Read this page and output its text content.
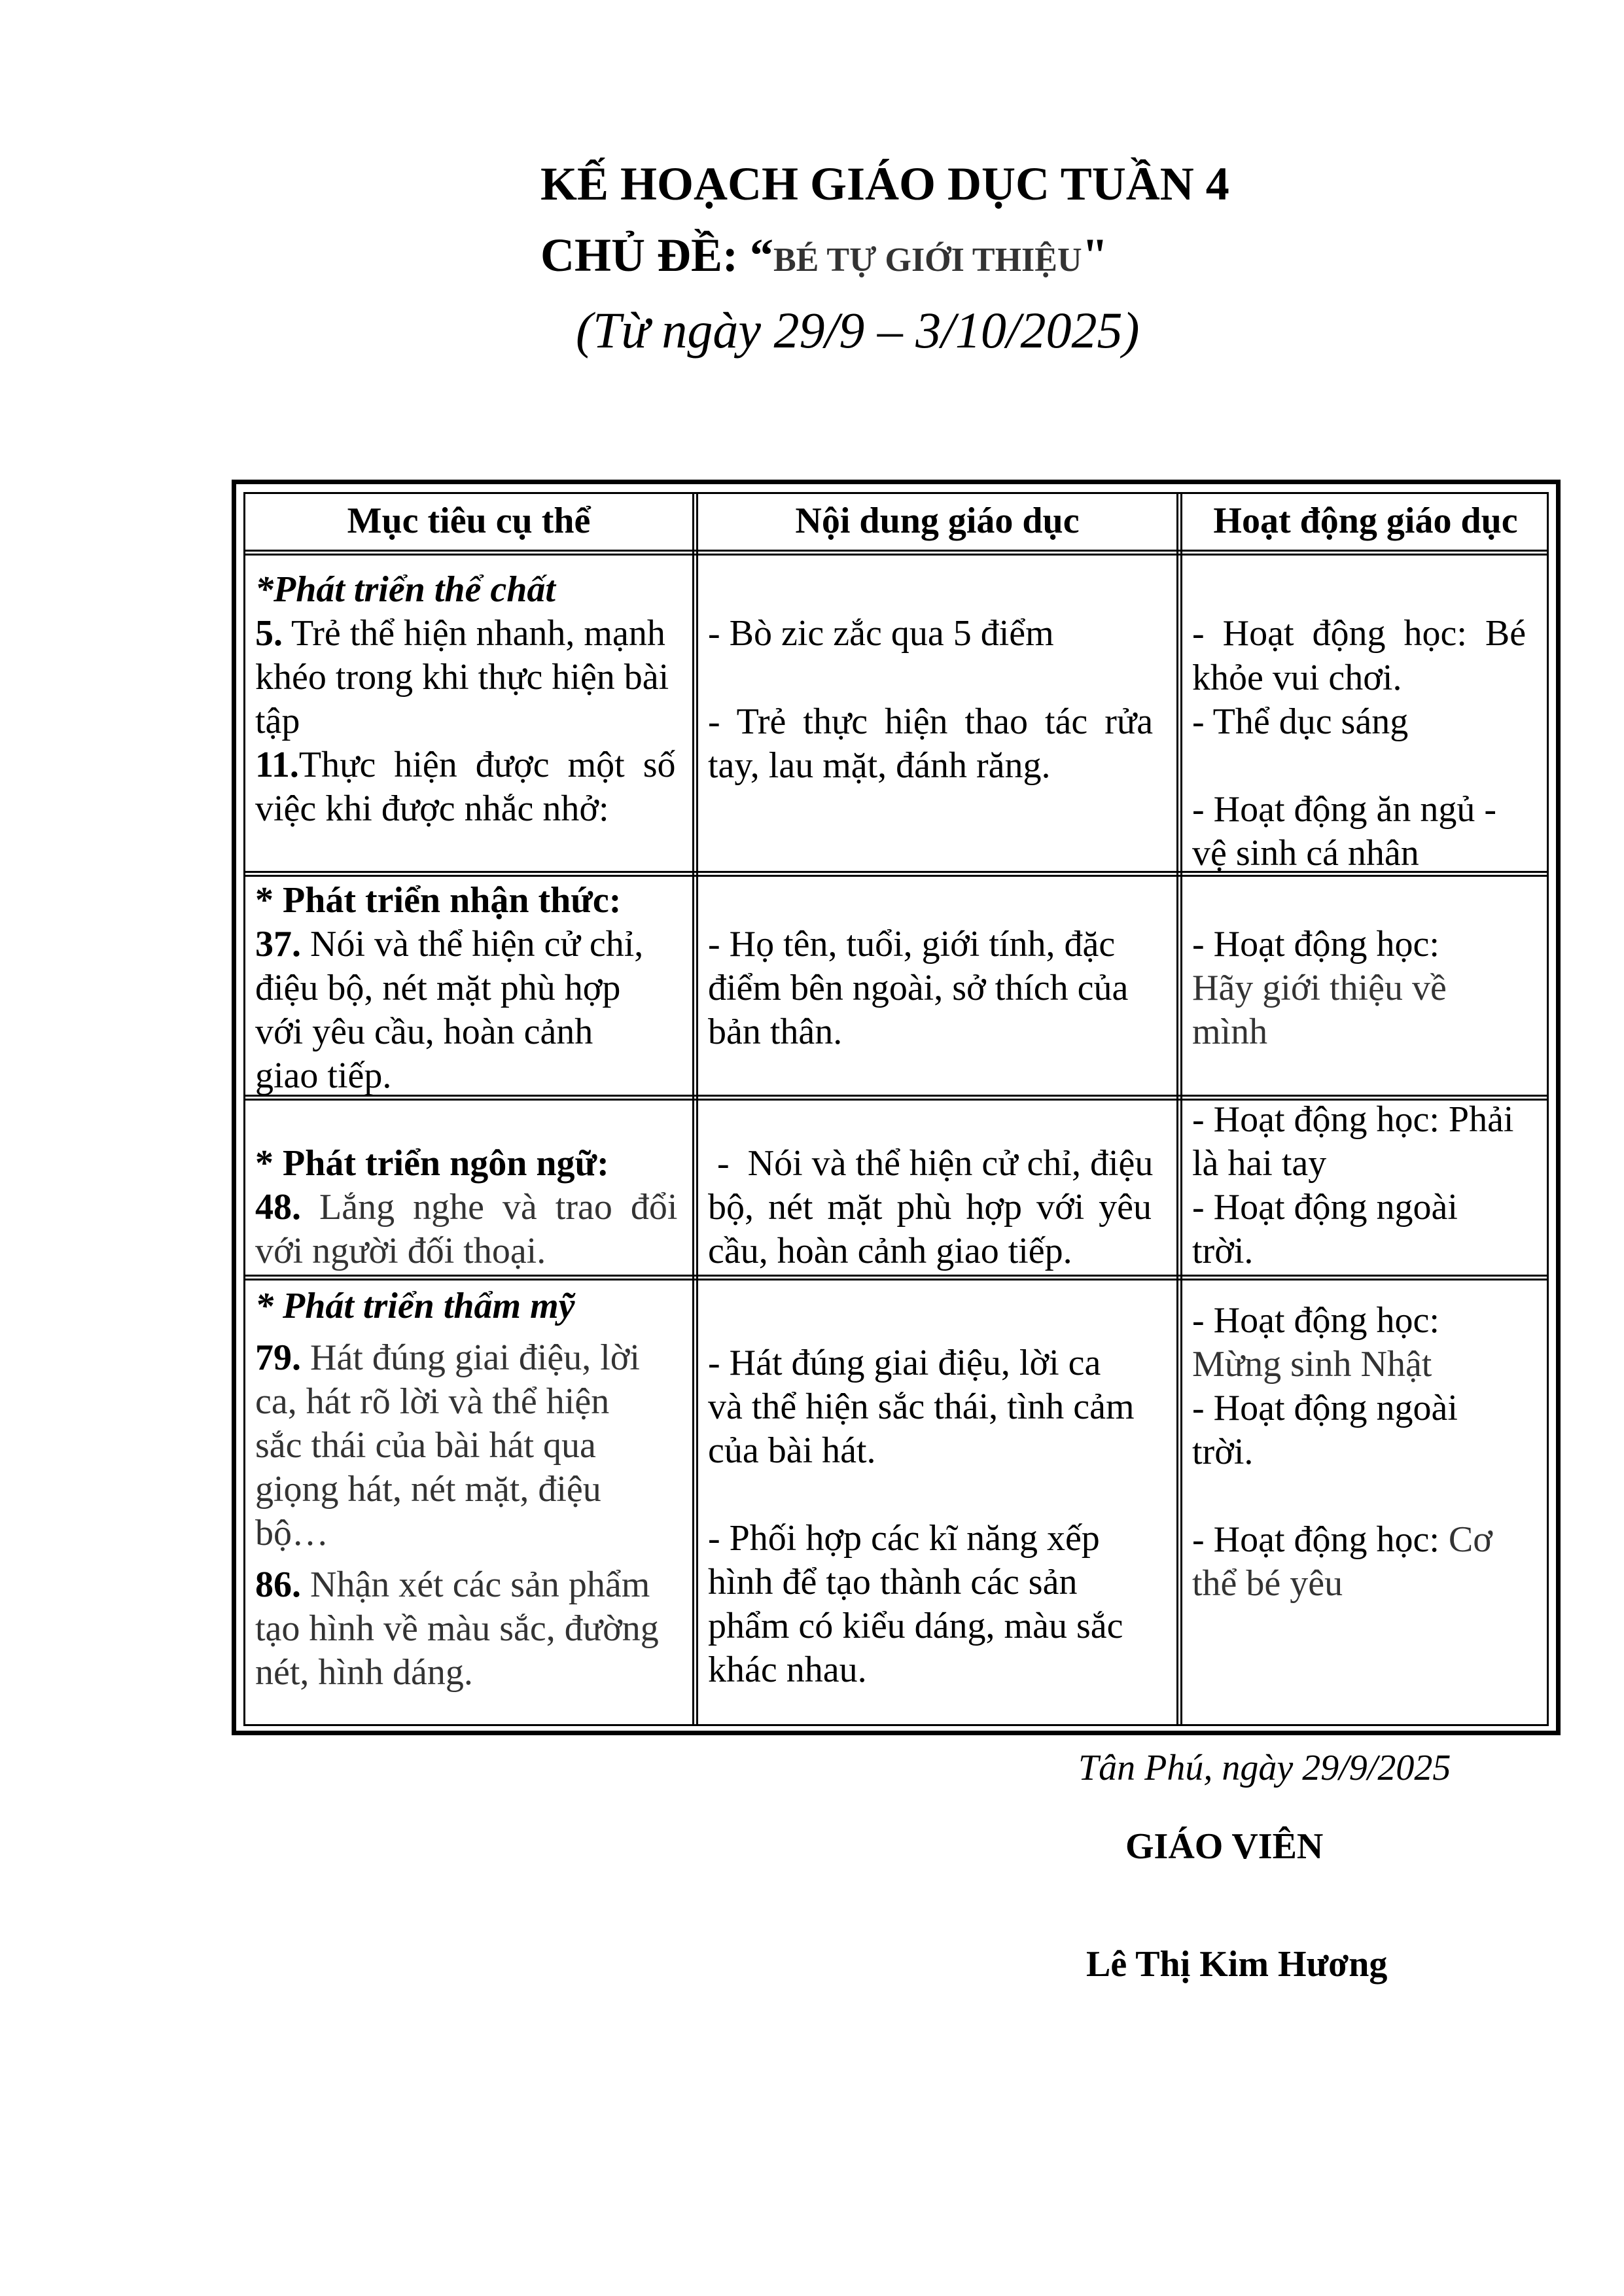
KẾ HOẠCH GIÁO DỤC TUẦN 4
CHỦ ĐỀ: “BÉ TỰ GIỚI THIỆU"
(Từ ngày 29/9 – 3/10/2025)
Mục tiêu cụ thể	Nội dung giáo dục	Hoạt động giáo dục
*Phát triển thể chất
5. Trẻ thể hiện nhanh, mạnh
khéo trong khi thực hiện bài
tập
11.Thực hiện được một số
việc khi được nhắc nhở:
- Bò zic zắc qua 5 điểm
- Trẻ thực hiện thao tác rửa
tay, lau mặt, đánh răng.
- Hoạt động học: Bé
khỏe vui chơi.
- Thể dục sáng
- Hoạt động ăn ngủ -
vệ sinh cá nhân
* Phát triển nhận thức:
37. Nói và thể hiện cử chỉ,
điệu bộ, nét mặt phù hợp
với yêu cầu, hoàn cảnh
giao tiếp.
- Họ tên, tuổi, giới tính, đặc
điểm bên ngoài, sở thích của
bản thân.
- Hoạt động học:
Hãy giới thiệu về
mình
* Phát triển ngôn ngữ:
48. Lắng nghe và trao đổi
với người đối thoại.
-  Nói và thể hiện cử chỉ, điệu
bộ, nét mặt phù hợp với yêu
cầu, hoàn cảnh giao tiếp.
- Hoạt động học: Phải
là hai tay
- Hoạt động ngoài
trời.
* Phát triển thẩm mỹ
79. Hát đúng giai điệu, lời
ca, hát rõ lời và thể hiện
sắc thái của bài hát qua
giọng hát, nét mặt, điệu
bộ…
86. Nhận xét các sản phẩm
tạo hình về màu sắc, đường
nét, hình dáng.
- Hát đúng giai điệu, lời ca
và thể hiện sắc thái, tình cảm
của bài hát.
- Phối hợp các kĩ năng xếp
hình để tạo thành các sản
phẩm có kiểu dáng, màu sắc
khác nhau.
- Hoạt động học:
Mừng sinh Nhật
- Hoạt động ngoài
trời.
- Hoạt động học: Cơ
thể bé yêu
Tân Phú, ngày 29/9/2025
GIÁO VIÊN
Lê Thị Kim Hương
